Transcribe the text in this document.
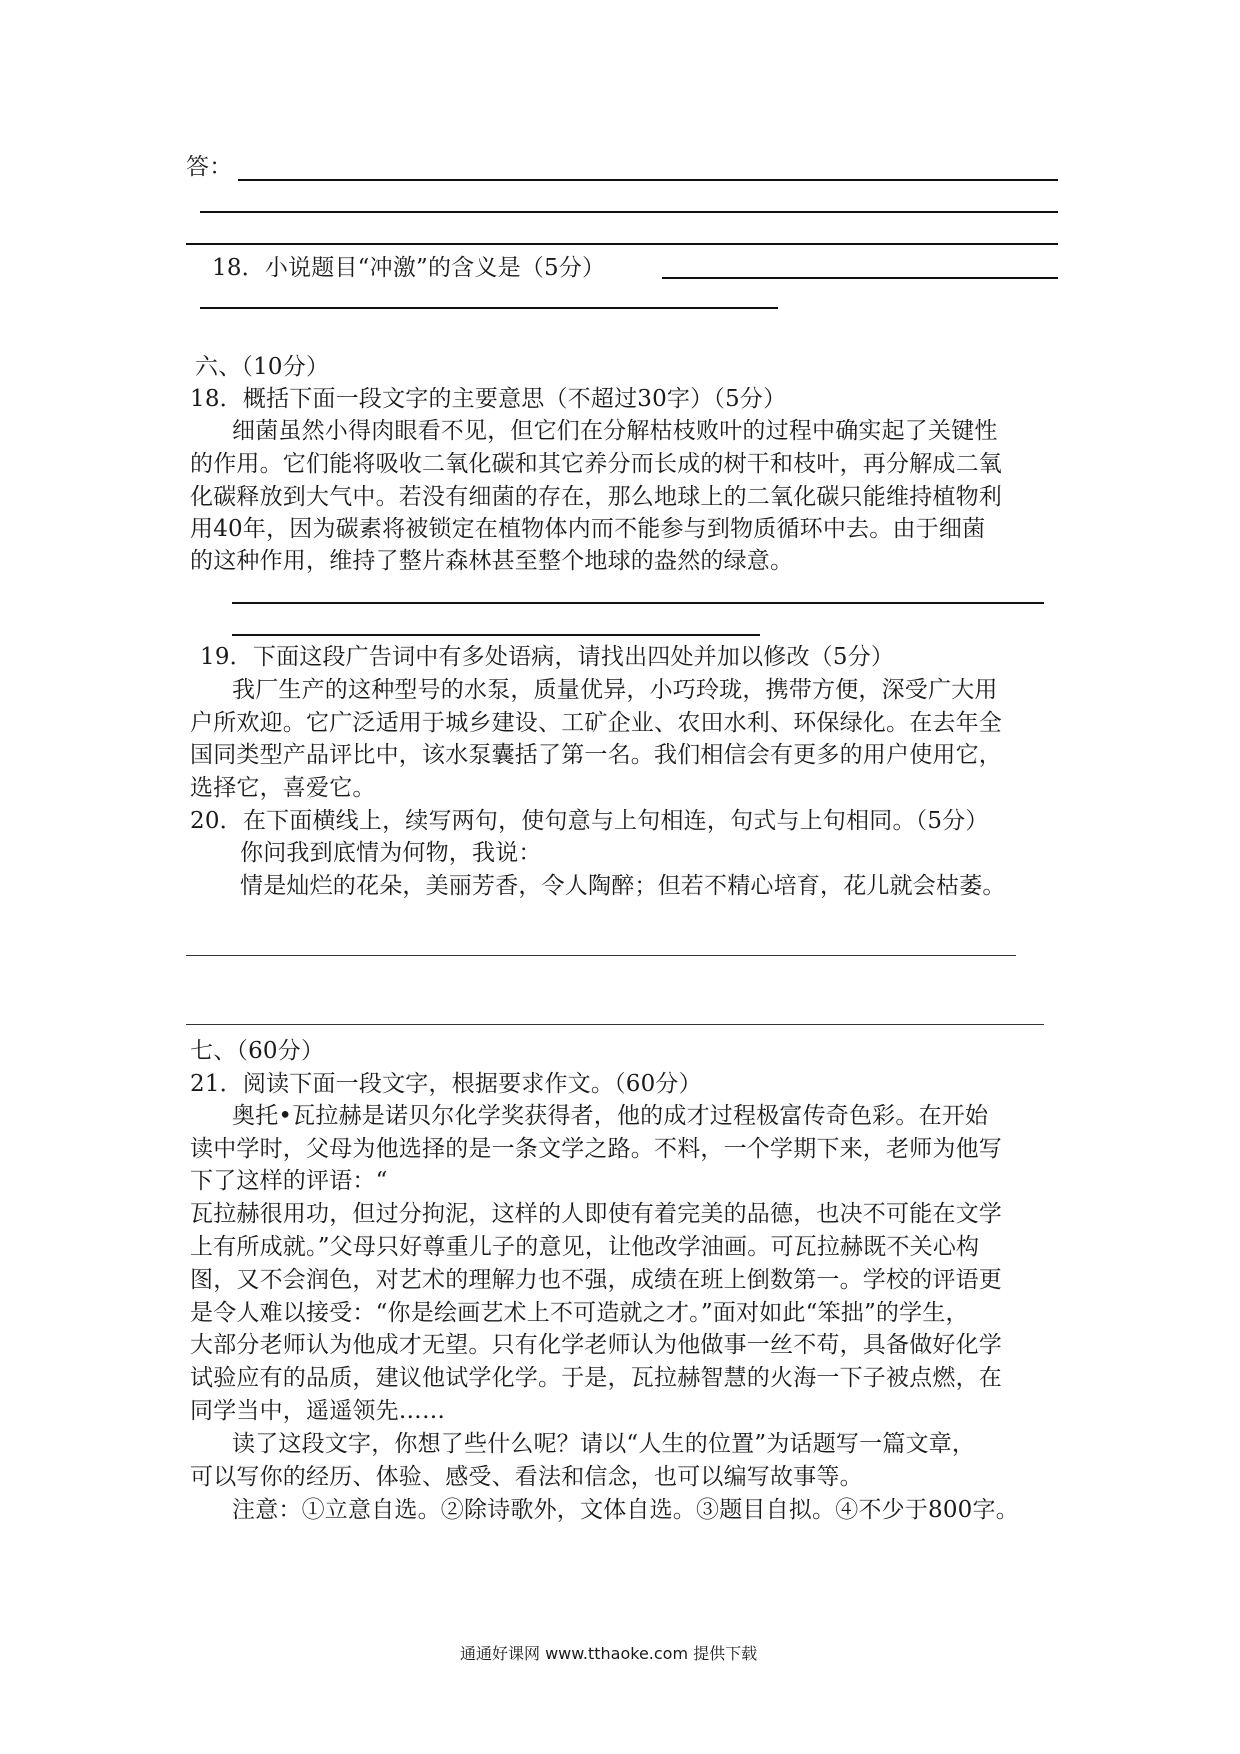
答：
18．小说题目“冲激”的含义是（5分）
六、（10分）
18．概括下面一段文字的主要意思（不超过30字）（5分）
细菌虽然小得肉眼看不见，但它们在分解枯枝败叶的过程中确实起了关键性
的作用。它们能将吸收二氧化碳和其它养分而长成的树干和枝叶，再分解成二氧
化碳释放到大气中。若没有细菌的存在，那么地球上的二氧化碳只能维持植物利
用40年，因为碳素将被锁定在植物体内而不能参与到物质循环中去。由于细菌
的这种作用，维持了整片森林甚至整个地球的盎然的绿意。
19．下面这段广告词中有多处语病，请找出四处并加以修改（5分）
我厂生产的这种型号的水泵，质量优异，小巧玲珑，携带方便，深受广大用
户所欢迎。它广泛适用于城乡建设、工矿企业、农田水利、环保绿化。在去年全
国同类型产品评比中，该水泵囊括了第一名。我们相信会有更多的用户使用它，
选择它，喜爱它。
20．在下面横线上，续写两句，使句意与上句相连，句式与上句相同。（5分）
你问我到底情为何物，我说：
情是灿烂的花朵，美丽芳香，令人陶醉；但若不精心培育，花儿就会枯萎。
七、（60分）
21．阅读下面一段文字，根据要求作文。（60分）
奥托•瓦拉赫是诺贝尔化学奖获得者，他的成才过程极富传奇色彩。在开始
读中学时，父母为他选择的是一条文学之路。不料，一个学期下来，老师为他写
下了这样的评语：“
瓦拉赫很用功，但过分拘泥，这样的人即使有着完美的品德，也决不可能在文学
上有所成就。”父母只好尊重儿子的意见，让他改学油画。可瓦拉赫既不关心构
图，又不会润色，对艺术的理解力也不强，成绩在班上倒数第一。学校的评语更
是令人难以接受：“你是绘画艺术上不可造就之才。”面对如此“笨拙”的学生，
大部分老师认为他成才无望。只有化学老师认为他做事一丝不苟，具备做好化学
试验应有的品质，建议他试学化学。于是，瓦拉赫智慧的火海一下子被点燃，在
同学当中，遥遥领先……
读了这段文字，你想了些什么呢？请以“人生的位置”为话题写一篇文章，
可以写你的经历、体验、感受、看法和信念，也可以编写故事等。
注意：①立意自选。②除诗歌外，文体自选。③题目自拟。④不少于800字。
通通好课网 www.tthaoke.com 提供下载
